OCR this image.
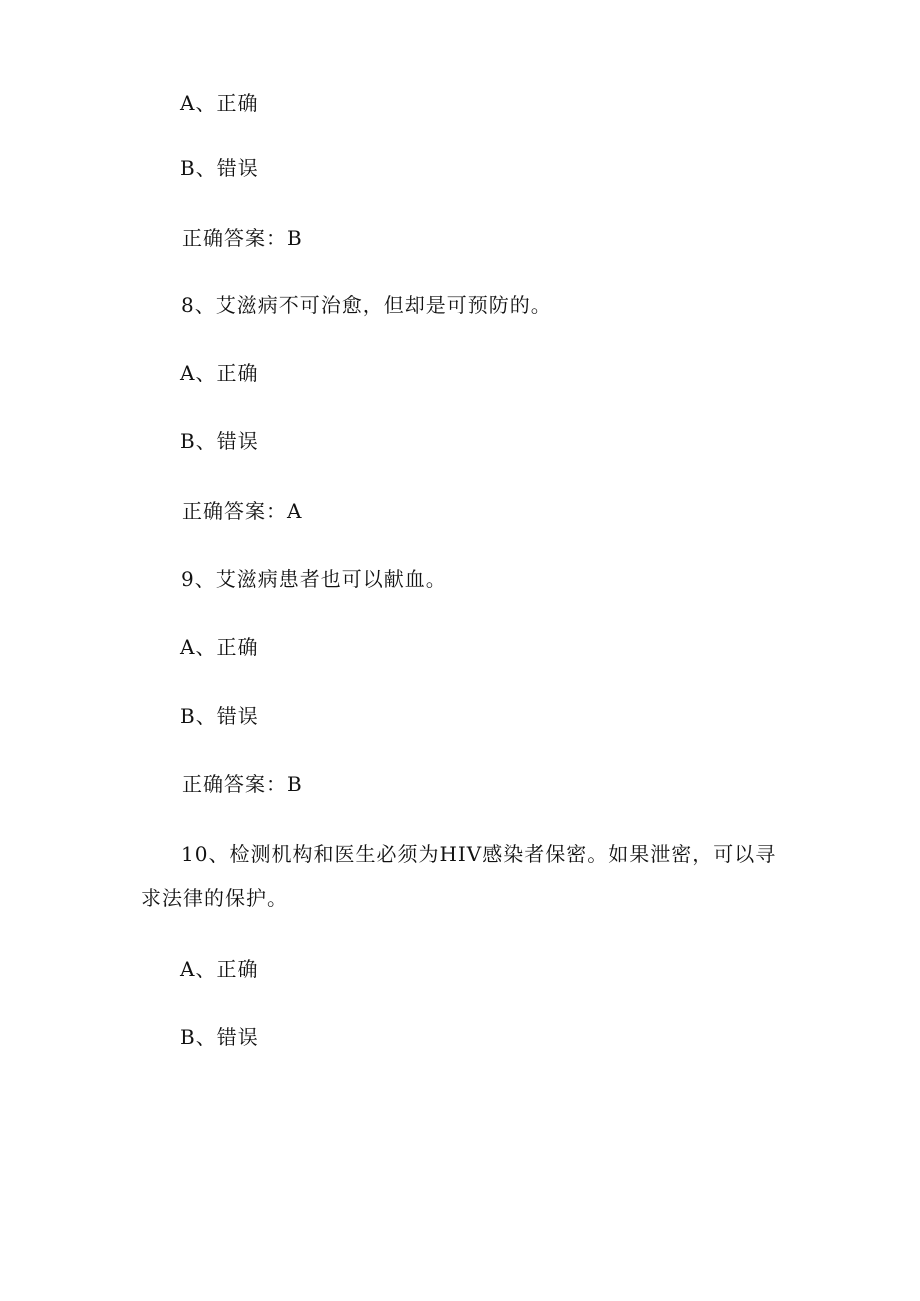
A、正确
B、错误
正确答案：B
8、艾滋病不可治愈，但却是可预防的。
A、正确
B、错误
正确答案：A
9、艾滋病患者也可以献血。
A、正确
B、错误
正确答案：B
10、检测机构和医生必须为HIV感染者保密。如果泄密，可以寻
求法律的保护。
A、正确
B、错误
